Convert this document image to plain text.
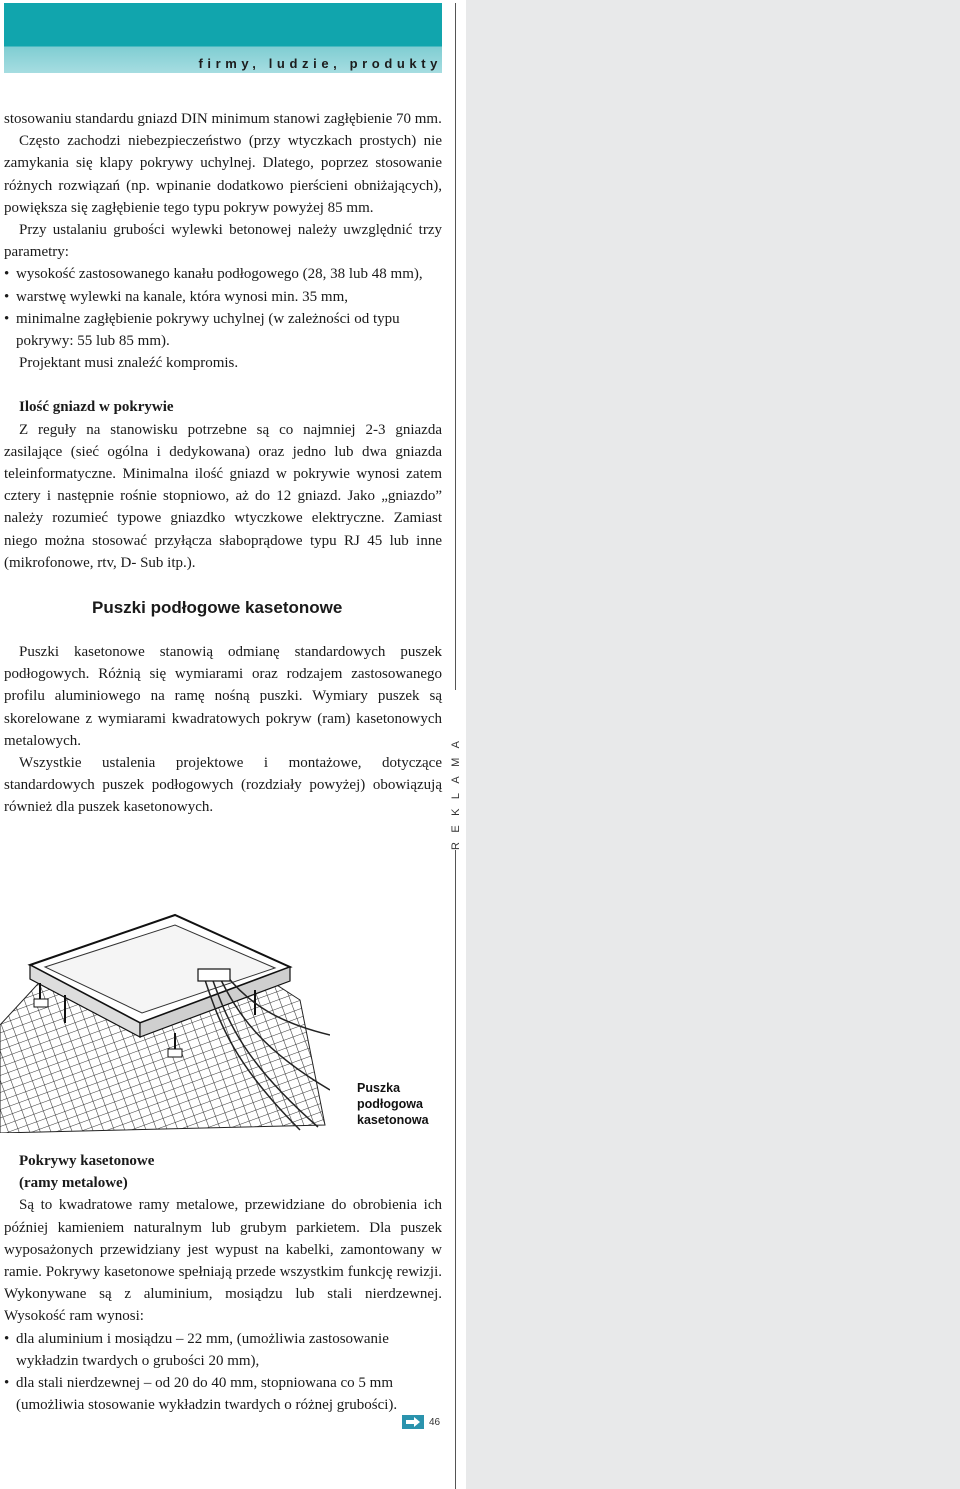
firmy, ludzie, produkty
REKLAMA

stosowaniu standardu gniazd DIN minimum stanowi zagłębienie 70 mm.

Często zachodzi niebezpieczeństwo (przy wtyczkach prostych) nie zamykania się klapy pokrywy uchylnej. Dlatego, poprzez stosowanie różnych rozwiązań (np. wpinanie dodatkowo pierścieni obniżających), powiększa się zagłębienie tego typu pokryw powyżej 85 mm.

Przy ustalaniu grubości wylewki betonowej należy uwzględnić trzy parametry:

• wysokość zastosowanego kanału podłogowego (28, 38 lub 48 mm),

• warstwę wylewki na kanale, która wynosi min. 35 mm,

• minimalne zagłębienie pokrywy uchylnej (w zależności od typu pokrywy: 55 lub 85 mm).

Projektant musi znaleźć kompromis.

Ilość gniazd w pokrywie

Z reguły na stanowisku potrzebne są co najmniej 2-3 gniazda zasilające (sieć ogólna i dedykowana) oraz jedno lub dwa gniazda teleinformatyczne. Minimalna ilość gniazd w pokrywie wynosi zatem cztery i następnie rośnie stopniowo, aż do 12 gniazd. Jako „gniazdo” należy rozumieć typowe gniazdko wtyczkowe elektryczne. Zamiast niego można stosować przyłącza słaboprądowe typu RJ 45 lub inne (mikrofonowe, rtv, D- Sub itp.).

Puszki podłogowe kasetonowe

Puszki kasetonowe stanowią odmianę standardowych puszek podłogowych. Różnią się wymiarami oraz rodzajem zastosowanego profilu aluminiowego na ramę nośną puszki. Wymiary puszek są skorelowane z wymiarami kwadratowych pokryw (ram) kasetonowych metalowych.

Wszystkie ustalenia projektowe i montażowe, dotyczące standardowych puszek podłogowych (rozdziały powyżej) obowiązują również dla puszek kasetonowych.

Puszka
podłogowa
kasetonowa

Pokrywy kasetonowe

(ramy metalowe)

Są to kwadratowe ramy metalowe, przewidziane do obrobienia ich później kamieniem naturalnym lub grubym parkietem. Dla puszek wyposażonych przewidziany jest wypust na kabelki, zamontowany w ramie. Pokrywy kasetonowe spełniają przede wszystkim funkcję rewizji. Wykonywane są z aluminium, mosiądzu lub stali nierdzewnej. Wysokość ram wynosi:

• dla aluminium i mosiądzu – 22 mm, (umożliwia zastosowanie wykładzin twardych o grubości 20 mm),

• dla stali nierdzewnej – od 20 do 40 mm, stopniowana co 5 mm (umożliwia stosowanie wykładzin twardych o różnej grubości).

46
